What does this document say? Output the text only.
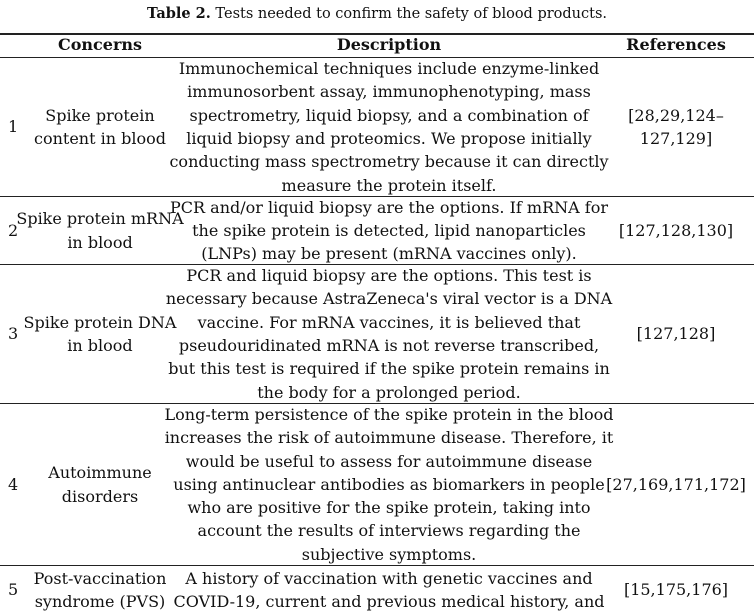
Table 2. Tests needed to confirm the safety of blood products.
Concerns	Description	References
1
Spike protein
content in blood
Immunochemical techniques include enzyme-linked
immunosorbent assay, immunophenotyping, mass
spectrometry, liquid biopsy, and a combination of
liquid biopsy and proteomics. We propose initially
conducting mass spectrometry because it can directly
measure the protein itself.
[28,29,124–127,129]
2
Spike protein mRNA
in blood
PCR and/or liquid biopsy are the options. If mRNA for
the spike protein is detected, lipid nanoparticles
(LNPs) may be present (mRNA vaccines only).
[127,128,130]
3
Spike protein DNA
in blood
PCR and liquid biopsy are the options. This test is
necessary because AstraZeneca's viral vector is a DNA
vaccine. For mRNA vaccines, it is believed that
pseudouridinated mRNA is not reverse transcribed,
but this test is required if the spike protein remains in
the body for a prolonged period.
[127,128]
4
Autoimmune
disorders
Long-term persistence of the spike protein in the blood
increases the risk of autoimmune disease. Therefore, it
would be useful to assess for autoimmune disease
using antinuclear antibodies as biomarkers in people
who are positive for the spike protein, taking into
account the results of interviews regarding the
subjective symptoms.
[27,169,171,172]
5
Post-vaccination
syndrome (PVS)
A history of vaccination with genetic vaccines and
COVID-19, current and previous medical history, and
[15,175,176]
